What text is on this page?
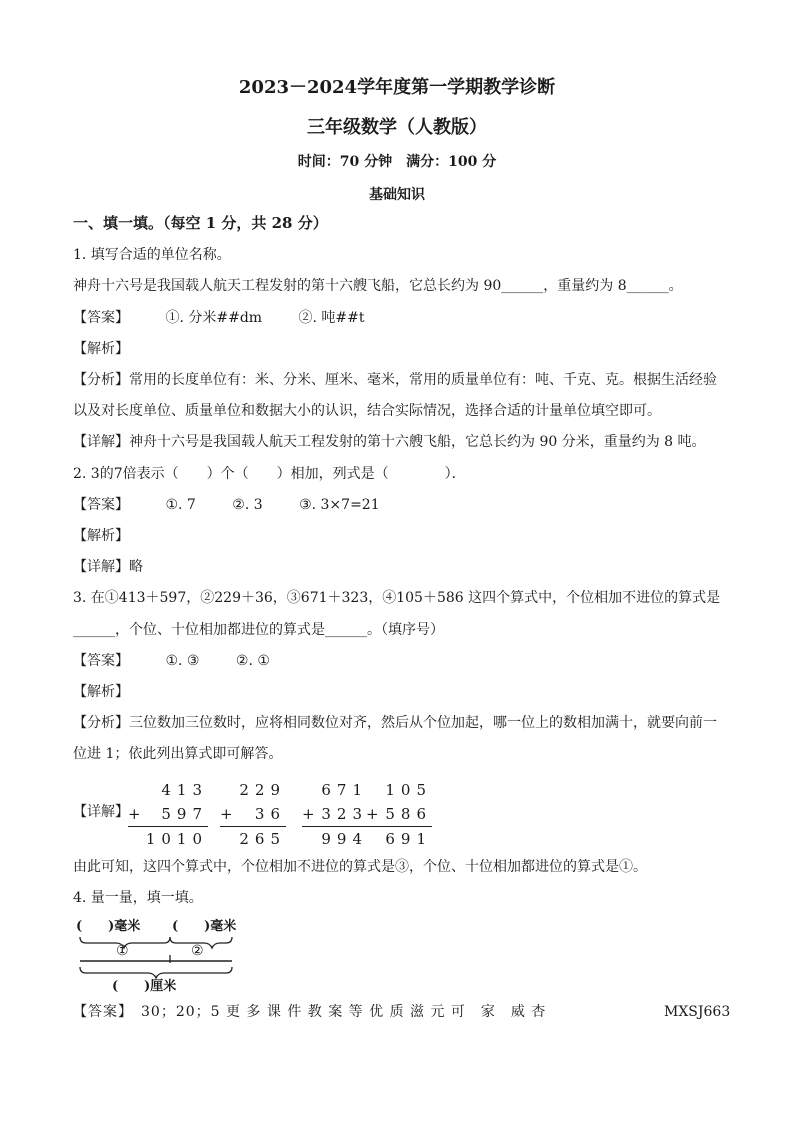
2023－2024学年度第一学期教学诊断
三年级数学（人教版）
时间：70 分钟　满分：100 分
基础知识
一、填一填。（每空 1 分，共 28 分）
1. 填写合适的单位名称。
神舟十六号是我国载人航天工程发射的第十六艘飞船，它总长约为 90______，重量约为 8______。
【答案】	①. 分米##dm	②. 吨##t
【解析】
【分析】常用的长度单位有：米、分米、厘米、毫米，常用的质量单位有：吨、千克、克。根据生活经验
以及对长度单位、质量单位和数据大小的认识，结合实际情况，选择合适的计量单位填空即可。
【详解】神舟十六号是我国载人航天工程发射的第十六艘飞船，它总长约为 90 分米，重量约为 8 吨。
2. 3的7倍表示（　　）个（　　）相加，列式是（　　　　）．
【答案】	①. 7	②. 3	③. 3×7=21
【解析】
【详解】略
3. 在①413＋597，②229＋36，③671＋323，④105＋586 这四个算式中，个位相加不进位的算式是
______，个位、十位相加都进位的算式是______。（填序号）
【答案】	①. ③	②. ①
【解析】
【分析】三位数加三位数时，应将相同数位对齐，然后从个位加起，哪一位上的数相加满十，就要向前一
位进 1；依此列出算式即可解答。
【详解】
413
+ 597
1010
229
+ 36
265
671
+ 323
994
105
+ 586
691
由此可知，这四个算式中，个位相加不进位的算式是③，个位、十位相加都进位的算式是①。
4. 量一量，填一填。
(　　)毫米 (　　)毫米
①	②
(　　)厘米
【答案】　30；20；5 更 多 课 件 教 案 等 优 质 滋 元 可　家　威 杏	MXSJ663
